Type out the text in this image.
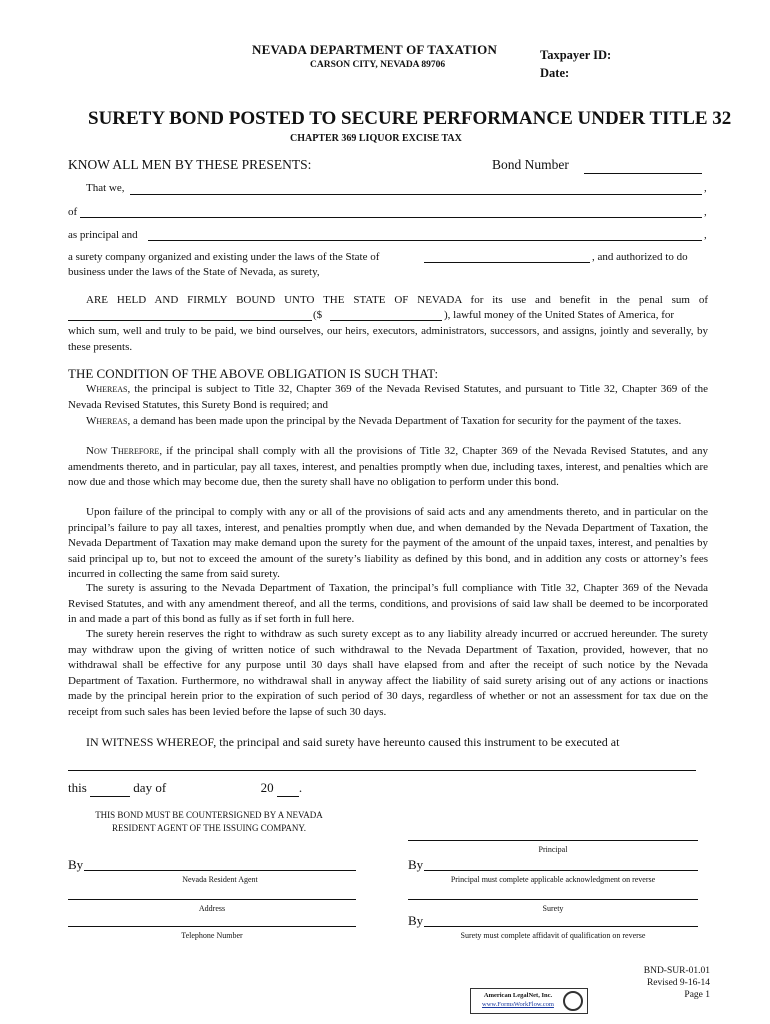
NEVADA DEPARTMENT OF TAXATION
CARSON CITY, NEVADA 89706
Taxpayer ID:
Date:
SURETY BOND POSTED TO SECURE PERFORMANCE UNDER TITLE 32
CHAPTER 369 LIQUOR EXCISE TAX
KNOW ALL MEN BY THESE PRESENTS:	Bond Number
That we,	,
of	,
as principal and	,
a surety company organized and existing under the laws of the State of	, and authorized to do
business under the laws of the State of Nevada, as surety,
ARE HELD AND FIRMLY BOUND UNTO THE STATE OF NEVADA for its use and benefit in the penal sum of
($	), lawful money of the United States of America, for

which sum, well and truly to be paid, we bind ourselves, our heirs, executors, administrators, successors, and assigns, jointly and severally, by these presents.

THE CONDITION OF THE ABOVE OBLIGATION IS SUCH THAT:

Whereas, the principal is subject to Title 32, Chapter 369 of the Nevada Revised Statutes, and pursuant to Title 32, Chapter 369 of the Nevada Revised Statutes, this Surety Bond is required; and

Whereas, a demand has been made upon the principal by the Nevada Department of Taxation for security for the payment of the taxes.

Now Therefore, if the principal shall comply with all the provisions of Title 32, Chapter 369 of the Nevada Revised Statutes, and any amendments thereto, and in particular, pay all taxes, interest, and penalties promptly when due, including taxes, interest, and penalties which are now due and those which may become due, then the surety shall have no obligation to perform under this bond.

Upon failure of the principal to comply with any or all of the provisions of said acts and any amendments thereto, and in particular on the principal’s failure to pay all taxes, interest, and penalties promptly when due, and when demanded by the Nevada Department of Taxation, the Nevada Department of Taxation may make demand upon the surety for the payment of the amount of the unpaid taxes, interest, and penalties by said principal up to, but not to exceed the amount of the surety’s liability as defined by this bond, and in addition any costs or attorney’s fees incurred in collecting the same from said surety.

The surety is assuring to the Nevada Department of Taxation, the principal’s full compliance with Title 32, Chapter 369 of the Nevada Revised Statutes, and with any amendment thereof, and all the terms, conditions, and provisions of said law shall be deemed to be incorporated in and made a part of this bond as fully as if set forth in full here.

The surety herein reserves the right to withdraw as such surety except as to any liability already incurred or accrued hereunder. The surety may withdraw upon the giving of written notice of such withdrawal to the Nevada Department of Taxation, provided, however, that no withdrawal shall be effective for any purpose until 30 days shall have elapsed from and after the receipt of such notice by the Nevada Department of Taxation. Furthermore, no withdrawal shall in anyway affect the liability of said surety arising out of any actions or inactions made by the principal herein prior to the expiration of such period of 30 days, regardless of whether or not an assessment for tax due on the receipt from such sales has been levied before the lapse of such 30 days.

IN WITNESS WHEREOF, the principal and said surety have hereunto caused this instrument to be executed at

this	day of	20 .
THIS BOND MUST BE COUNTERSIGNED BY A NEVADA
RESIDENT AGENT OF THE ISSUING COMPANY.
Principal
By
Nevada Resident Agent
By
Principal must complete applicable acknowledgment on reverse
Address	Surety
Telephone Number
By
Surety must complete affidavit of qualification on reverse
BND-SUR-01.01
Revised 9-16-14
Page 1
American LegalNet, Inc.
www.FormsWorkFlow.com
